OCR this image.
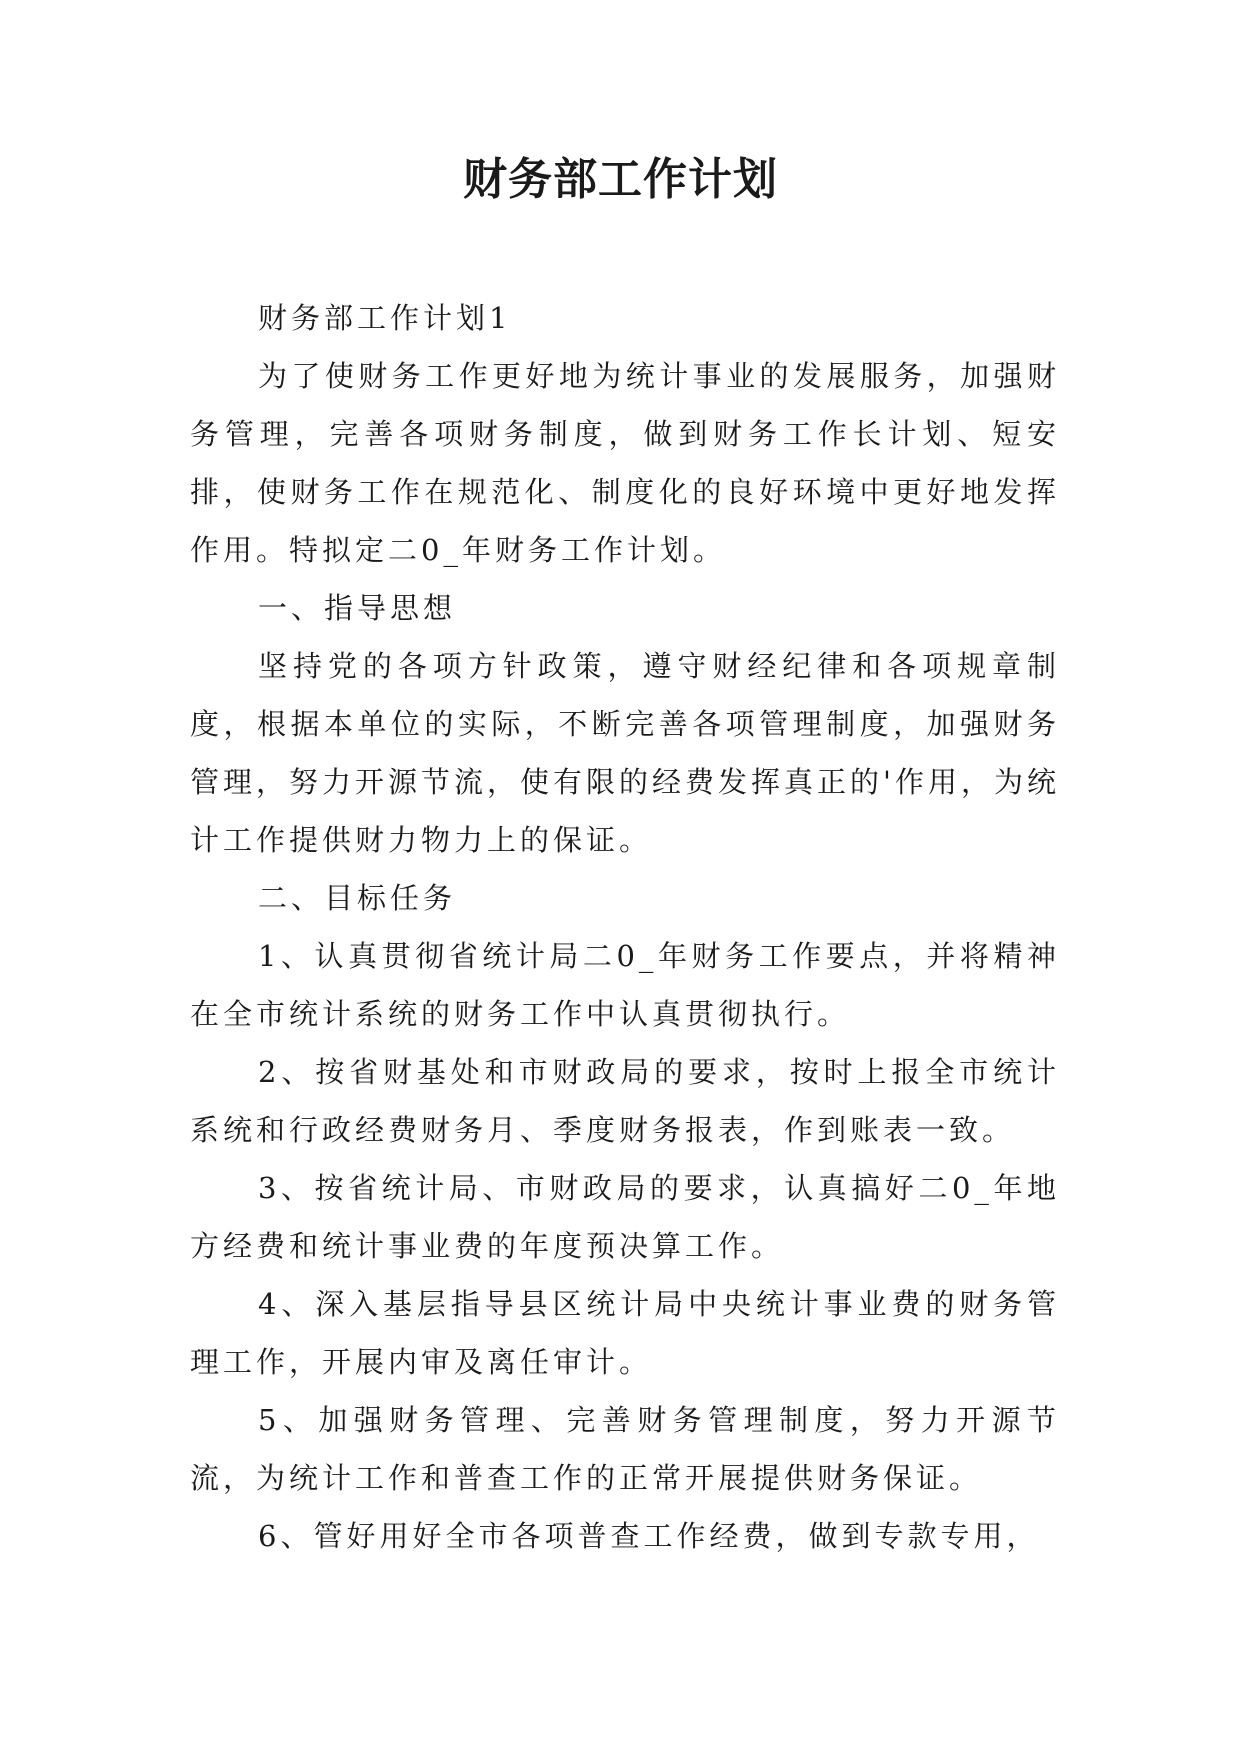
财务部工作计划

财务部工作计划1

为了使财务工作更好地为统计事业的发展服务，加强财务管理，完善各项财务制度，做到财务工作长计划、短安排，使财务工作在规范化、制度化的良好环境中更好地发挥作用。特拟定二0_年财务工作计划。

一、指导思想

坚持党的各项方针政策，遵守财经纪律和各项规章制度，根据本单位的实际，不断完善各项管理制度，加强财务管理，努力开源节流，使有限的经费发挥真正的'作用，为统计工作提供财力物力上的保证。

二、目标任务

1、认真贯彻省统计局二0_年财务工作要点，并将精神在全市统计系统的财务工作中认真贯彻执行。

2、按省财基处和市财政局的要求，按时上报全市统计系统和行政经费财务月、季度财务报表，作到账表一致。

3、按省统计局、市财政局的要求，认真搞好二0_年地方经费和统计事业费的年度预决算工作。

4、深入基层指导县区统计局中央统计事业费的财务管理工作，开展内审及离任审计。

5、加强财务管理、完善财务管理制度，努力开源节流，为统计工作和普查工作的正常开展提供财务保证。

6、管好用好全市各项普查工作经费，做到专款专用，
